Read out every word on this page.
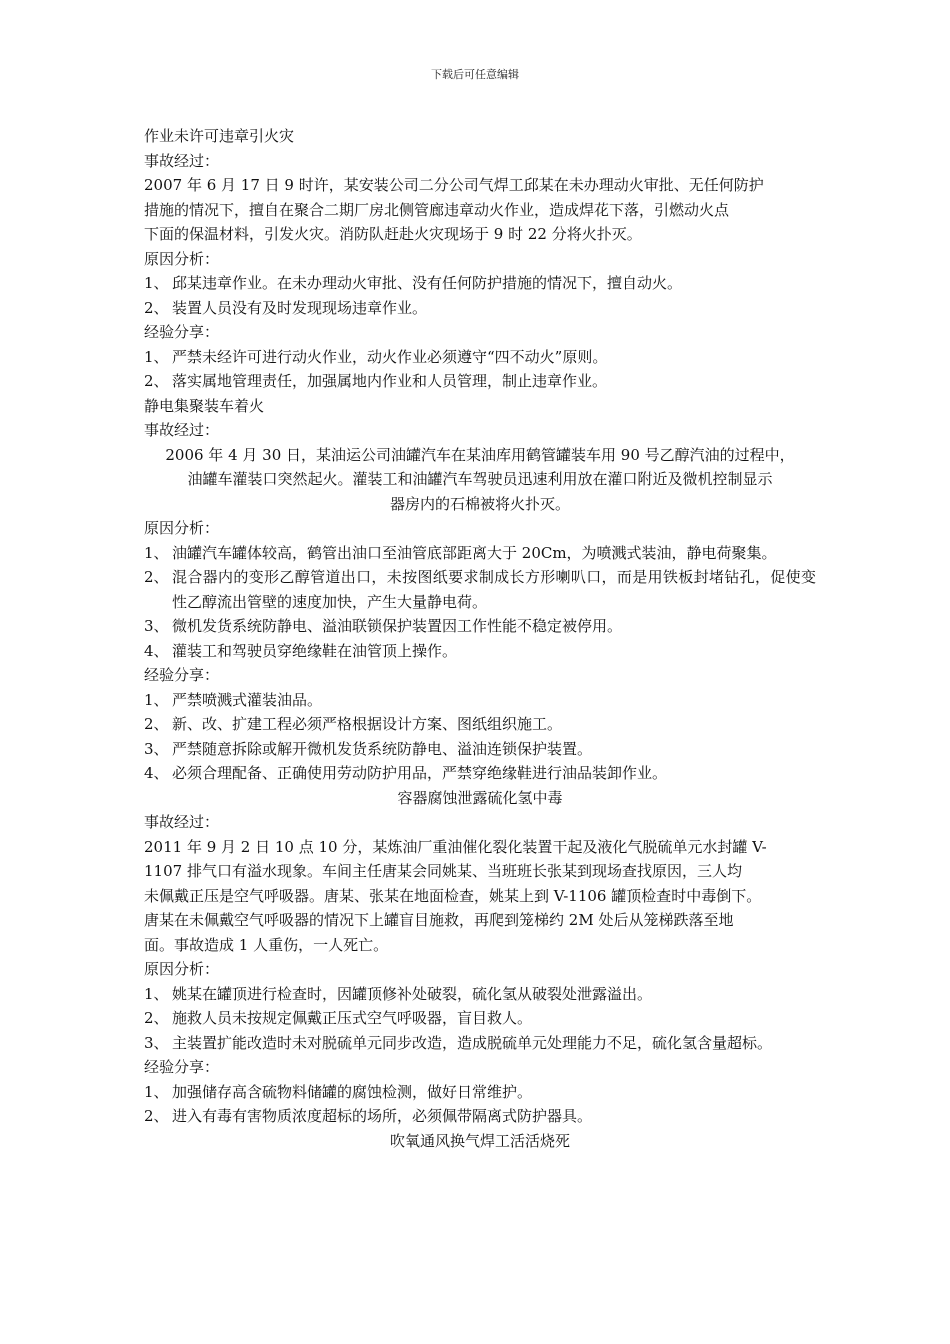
下载后可任意编辑
作业未许可违章引火灾
事故经过：
2007 年 6 月 17 日 9 时许，某安装公司二分公司气焊工邱某在未办理动火审批、无任何防护
措施的情况下，擅自在聚合二期厂房北侧管廊违章动火作业，造成焊花下落，引燃动火点
下面的保温材料，引发火灾。消防队赶赴火灾现场于 9 时 22 分将火扑灭。
原因分析：
1、 邱某违章作业。在未办理动火审批、没有任何防护措施的情况下，擅自动火。
2、 装置人员没有及时发现现场违章作业。
经验分享：
1、 严禁未经许可进行动火作业，动火作业必须遵守“四不动火”原则。
2、 落实属地管理责任，加强属地内作业和人员管理，制止违章作业。
静电集聚装车着火
事故经过：
2006 年 4 月 30 日，某油运公司油罐汽车在某油库用鹤管罐装车用 90 号乙醇汽油的过程中，
油罐车灌装口突然起火。灌装工和油罐汽车驾驶员迅速利用放在灌口附近及微机控制显示
器房内的石棉被将火扑灭。
原因分析：
1、 油罐汽车罐体较高，鹤管出油口至油管底部距离大于 20Cm，为喷溅式装油，静电荷聚集。
2、 混合器内的变形乙醇管道出口，未按图纸要求制成长方形喇叭口，而是用铁板封堵钻孔，促使变性乙醇流出管壁的速度加快，产生大量静电荷。
3、 微机发货系统防静电、溢油联锁保护装置因工作性能不稳定被停用。
4、 灌装工和驾驶员穿绝缘鞋在油管顶上操作。
经验分享：
1、 严禁喷溅式灌装油品。
2、 新、改、扩建工程必须严格根据设计方案、图纸组织施工。
3、 严禁随意拆除或解开微机发货系统防静电、溢油连锁保护装置。
4、 必须合理配备、正确使用劳动防护用品，严禁穿绝缘鞋进行油品装卸作业。
容器腐蚀泄露硫化氢中毒
事故经过：
2011 年 9 月 2 日 10 点 10 分，某炼油厂重油催化裂化装置干起及液化气脱硫单元水封罐 V-
1107 排气口有溢水现象。车间主任唐某会同姚某、当班班长张某到现场查找原因，三人均
未佩戴正压是空气呼吸器。唐某、张某在地面检查，姚某上到 V-1106 罐顶检查时中毒倒下。
唐某在未佩戴空气呼吸器的情况下上罐盲目施救，再爬到笼梯约 2M 处后从笼梯跌落至地
面。事故造成 1 人重伤，一人死亡。
原因分析：
1、 姚某在罐顶进行检查时，因罐顶修补处破裂，硫化氢从破裂处泄露溢出。
2、 施救人员未按规定佩戴正压式空气呼吸器，盲目救人。
3、 主装置扩能改造时未对脱硫单元同步改造，造成脱硫单元处理能力不足，硫化氢含量超标。
经验分享：
1、 加强储存高含硫物料储罐的腐蚀检测，做好日常维护。
2、 进入有毒有害物质浓度超标的场所，必须佩带隔离式防护器具。
吹氧通风换气焊工活活烧死
